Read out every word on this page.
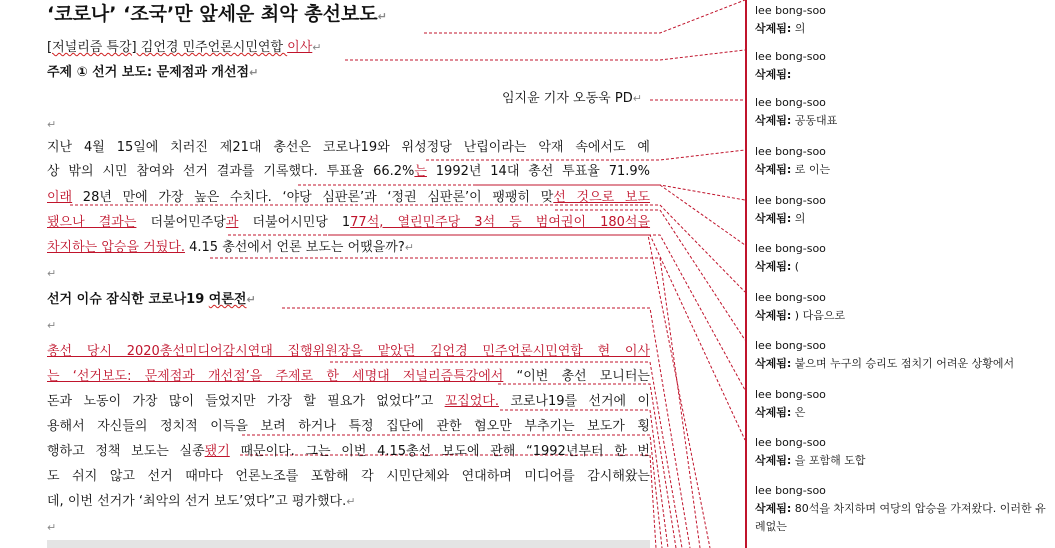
‘코로나’ ‘조국’만 앞세운 최악 총선보도↵
[저널리즘 특강] 김언경 민주언론시민연합 이사↵
주제 ① 선거 보도: 문제점과 개선점↵
임지윤 기자 오동욱 PD↵
↵
지난 4월 15일에 치러진 제21대 총선은 코로나19와 위성정당 난립이라는 악재 속에서도 예
상 밖의 시민 참여와 선거 결과를 기록했다. 투표율 66.2%는 1992년 14대 총선 투표율 71.9%
이래 28년 만에 가장 높은 수치다. ‘야당 심판론’과 ‘정권 심판론’이 팽팽히 맞선 것으로 보도
됐으나 결과는 더불어민주당과 더불어시민당 177석, 열린민주당 3석 등 범여권이 180석을
차지하는 압승을 거뒀다. 4.15 총선에서 언론 보도는 어땠을까?↵
↵
선거 이슈 잠식한 코로나19 여론전↵
↵
총선 당시 2020총선미디어감시연대 집행위원장을 맡았던 김언경 민주언론시민연합 현 이사
는 ‘선거보도: 문제점과 개선점’을 주제로 한 세명대 저널리즘특강에서 “이번 총선 모니터는
돈과 노동이 가장 많이 들었지만 가장 할 필요가 없었다”고 꼬집었다. 코로나19를 선거에 이
용해서 자신들의 정치적 이득을 보려 하거나 특정 집단에 관한 혐오만 부추기는 보도가 횡
행하고 정책 보도는 실종됐기 때문이다. 그는 이번 4.15총선 보도에 관해 “1992년부터 한 번
도 쉬지 않고 선거 때마다 언론노조를 포함해 각 시민단체와 연대하며 미디어를 감시해왔는
데, 이번 선거가 ‘최악의 선거 보도’였다”고 평가했다.↵
↵
lee bong-soo
삭제됨: 의
lee bong-soo
삭제됨:
lee bong-soo
삭제됨: 공동대표
lee bong-soo
삭제됨: 로 이는
lee bong-soo
삭제됨: 의
lee bong-soo
삭제됨: (
lee bong-soo
삭제됨: ) 다음으로
lee bong-soo
삭제됨: 붙으며 누구의 승리도 점치기 어려운 상황에서
lee bong-soo
삭제됨: 은
lee bong-soo
삭제됨: 을 포함해 도합
lee bong-soo
삭제됨: 80석을 차지하며 여당의 압승을 가져왔다. 이러한 유례없는
